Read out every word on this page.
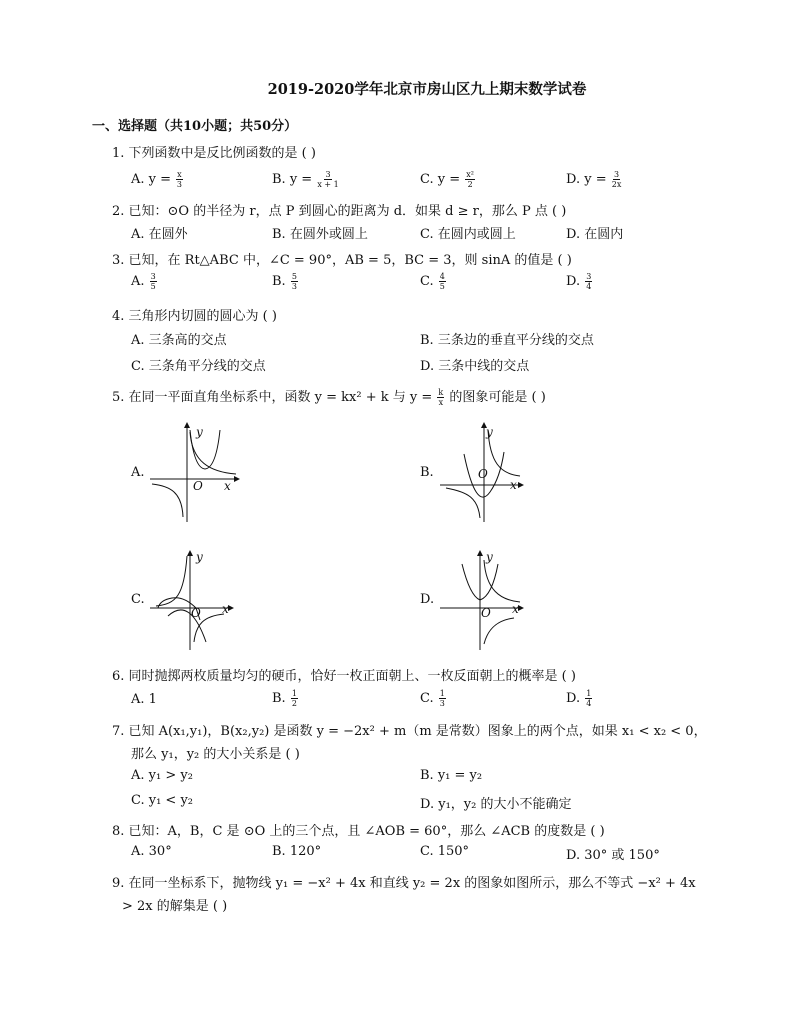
2019-2020学年北京市房山区九上期末数学试卷
一、选择题（共10小题；共50分）
1. 下列函数中是反比例函数的是 ( )
A. $y = \frac{x}{3}$	B. $y = \frac{3}{x + 1}$	C. $y = \frac{\text{x²}}{2}$	D. $y = \frac{3}{2x}$
2. 已知：⊙O 的半径为 r，点 P 到圆心的距离为 d．如果 d ≥ r，那么 P 点 ( )
A. 在圆外	B. 在圆外或圆上	C. 在圆内或圆上	D. 在圆内
3. 已知，在 Rt△ABC 中，∠C = 90°，AB = 5，BC = 3，则 sinA 的值是 ( )
A. $\frac{3}{5}$	B. $\frac{5}{3}$	C. $\frac{4}{5}$	D. $\frac{3}{4}$
4. 三角形内切圆的圆心为 ( )
A. 三条高的交点	B. 三条边的垂直平分线的交点
C. 三条角平分线的交点	D. 三条中线的交点
5. 在同一平面直角坐标系中，函数 y = kx² + k 与 $y = \frac{k}{x}$ 的图象可能是 ( )
A.
y
x
O
B.
y
x
O
C.
y
x
O
D.
y
x
O
6. 同时抛掷两枚质量均匀的硬币，恰好一枚正面朝上、一枚反面朝上的概率是 ( )
A. 1	B. $\frac{1}{2}$	C. $\frac{1}{3}$	D. $\frac{1}{4}$
7. 已知 A(x₁,y₁)，B(x₂,y₂) 是函数 y = −2x² + m（m 是常数）图象上的两个点，如果 x₁ < x₂ < 0，
那么 y₁，y₂ 的大小关系是 ( )
A. y₁ > y₂	B. y₁ = y₂
C. y₁ < y₂	D. y₁，y₂ 的大小不能确定
8. 已知：A，B，C 是 ⊙O 上的三个点，且 ∠AOB = 60°，那么 ∠ACB 的度数是 ( )
A. 30°	B. 120°	C. 150°	D. 30° 或 150°
9. 在同一坐标系下，抛物线 y₁ = −x² + 4x 和直线 y₂ = 2x 的图象如图所示，那么不等式 −x² + 4x
> 2x 的解集是 ( )
